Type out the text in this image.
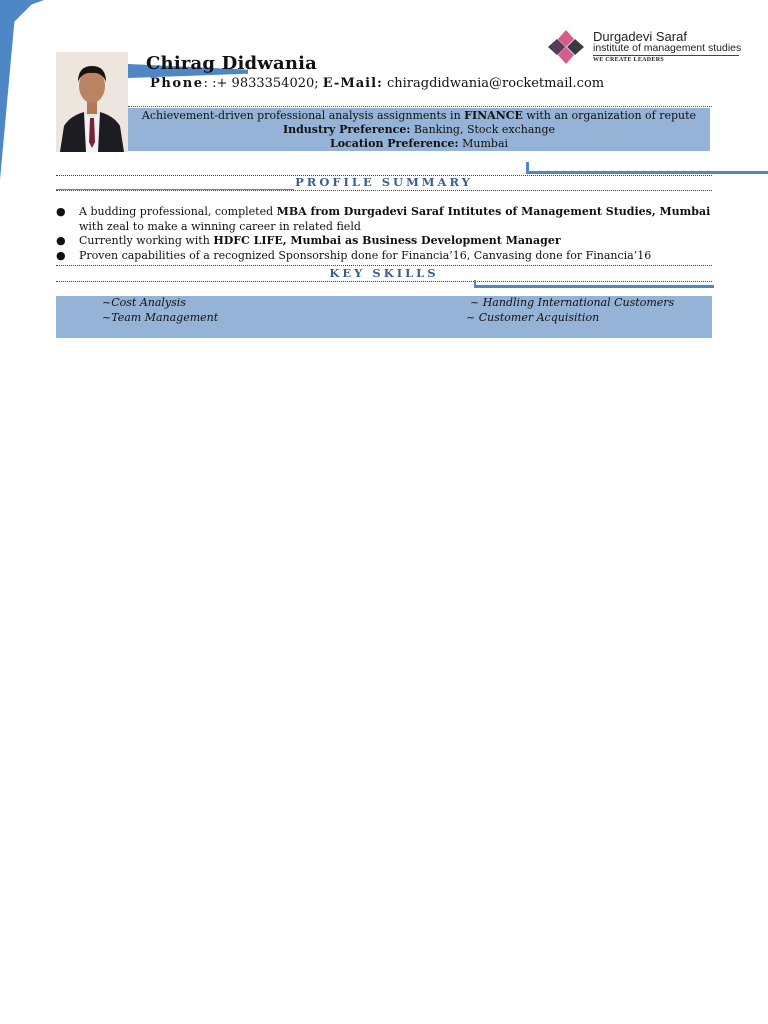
Chirag Didwania
Phone: :+ 9833354020; E-Mail: chiragdidwania@rocketmail.com
Durgadevi Saraf
institute of management studies
WE CREATE LEADERS
Achievement-driven professional analysis assignments in FINANCE with an organization of repute
Industry Preference: Banking, Stock exchange
Location Preference: Mumbai
PROFILE SUMMARY
● A budding professional, completed MBA from Durgadevi Saraf Intitutes of Management Studies, Mumbai with zeal to make a winning career in related field
● Currently working with HDFC LIFE, Mumbai as Business Development Manager
● Proven capabilities of a recognized Sponsorship done for Financia’16, Canvasing done for Financia’16
KEY SKILLS
~Cost Analysis	~ Handling International Customers
~Team Management	~ Customer Acquisition
